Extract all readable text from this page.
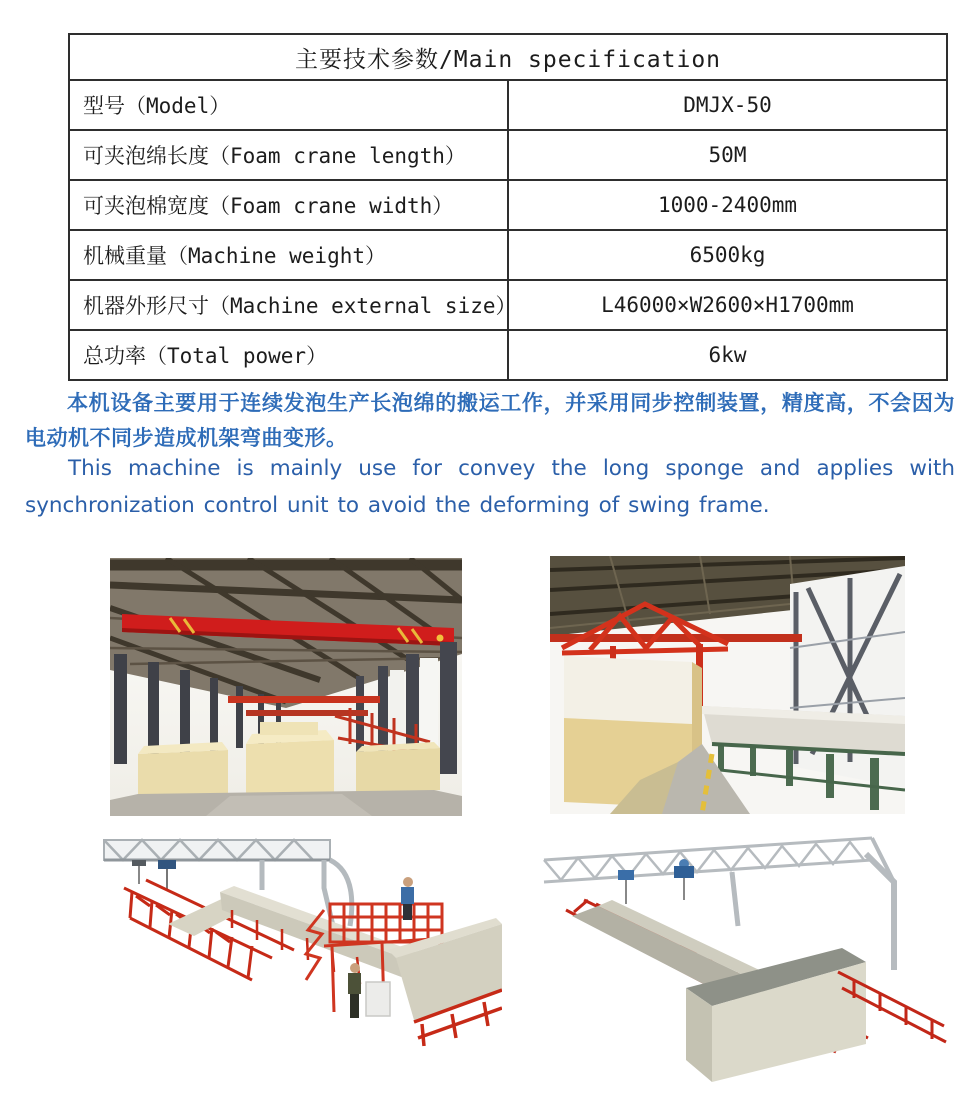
主要技术参数/Main specification	
型号（Model）	DMJX-50
可夹泡绵长度（Foam crane length）	50M
可夹泡棉宽度（Foam crane width）	1000-2400mm
机械重量（Machine weight）	6500kg
机器外形尺寸（Machine external size）	L46000×W2600×H1700mm
总功率（Total power）	6kw

本机设备主要用于连续发泡生产长泡绵的搬运工作，并采用同步控制装置，精度高，不会因为电动机不同步造成机架弯曲变形。

This machine is mainly use for convey the long sponge and applies with synchronization control unit to avoid the deforming of swing frame.
